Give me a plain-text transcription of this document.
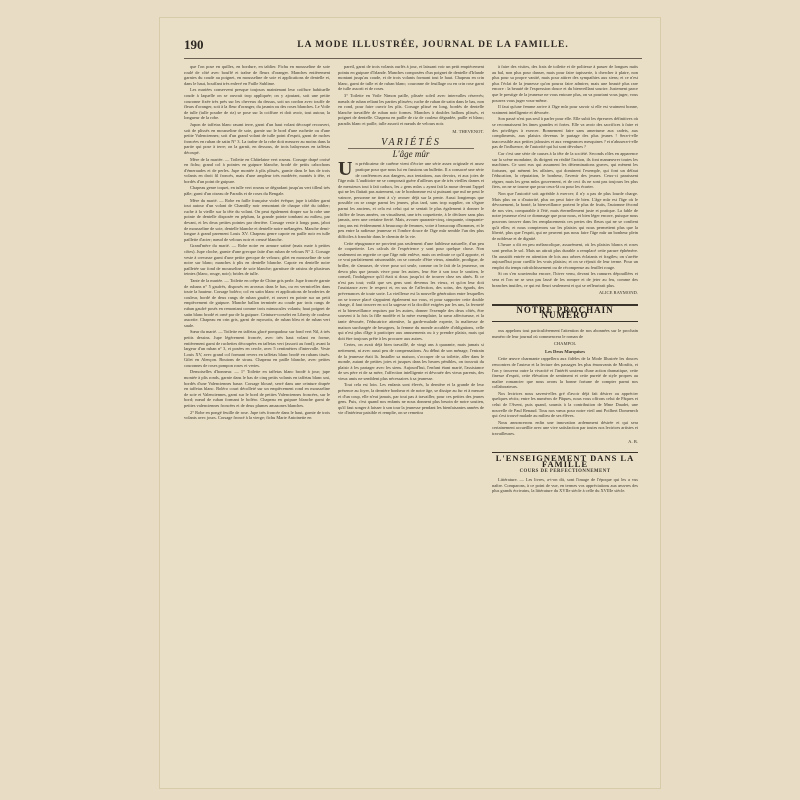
190	LA MODE ILLUSTRÉE, JOURNAL DE LA FAMILLE.

que l'on pose en quilles, en bordure, en tablier. Fichu en mousseline de soie roulé de côté avec bouffé et traîne de fleurs d'oranger. Manches entièrement garnies du coude au poignet, en mousseline de soie et applications de dentelle et, dans le haut, bouffant très enlevé en Faille Sublime.

Les mariées conservent presque toujours maintenant leur coiffure habituelle coude à laquelle on se ouvrait trop appliquée; on y ajoutant, soit une petite couronne fixée très près sur les cheveux du dessus, soit un cordon avec touffe de fleurs d'oranger, soit à la fleur d'oranger, du jasmin ou des roses blanches. Le Voile de tulle (tulle poudre de riz) se pose sur la coiffure et doit avoir, tout autour, la longueur de la robe.

Jupon de taffetas blanc rasant terre, garni d'un haut volant découpé recouvert, soit de plissés en mousseline de soie, garnie sur le bord d'une ruchette ou d'une petite Valenciennes; soit d'un grand volant de tulle point d'esprit, garni de ruches froncées en ruban de satin N° 3. La traîne de la robe doit mesurer au moins dans la partie qui pose à terre; on la garnit, en dessous, de trois balayeuses en taffetas découpé.

Mère de la mariée. — Toilette en Châtelaine vert roseau. Corsage drapé croisé en fichu; grand col à pointes en guipure blanche, brodé de petits cabochons d'émeraudes et de perles. Jupe montée à plis plissés, garnie dans le bas de trois volants en droit fil froncés, mais d'une ampleur très modérée, montés à tête, et bordés d'un point de guipure.

Chapeau genre toquet, en tulle vert roseau se dégradant jusqu'au vert tilleul très pâle; garni d'un oiseau de Paradis et de roses du Bengale.

Mère du marié. — Robe en faille française violet évêque; jupe à tablier garni tout autour d'un volant de Chantilly noir remontant de chaque côté du tablier; ruche à la vieille sur la tête du volant. On peut également draper sur la robe une pointe de dentelle disposée en péplum, la grande pointe tombant au milieu, par devant, et les deux petites pointes par derrière. Corsage veste à longs pans, jabot de mousseline de soie, dentelle blanche et dentelle noire mélangées. Manche demi-longue à grand parement Louis XV. Chapeau genre capote en paille noir en tulle paillette d'acier; nœud de velours noir et creusé blanche.

Grand'mère du marié. — Robe noire en armure satiné (mais mate à petites côtes). Jupe cloche, garnie d'une grecque faite d'un ruban de velours N° 2. Corsage veste à crevasse garni d'une petite grecque de velours; gilet en mousseline de soie noire sur blanc; manches à plis en dentelle blanche. Capote en dentelle noire pailletée sur fond de mousseline de soie blanche; garniture de raisins de plusieurs teintes (blanc, rouge, noir); brides de tulle.

Tante de la mariée. — Toilette en crêpe de Chine gris perle. Jupe froncée garnie de rubans n° 5 gaufrés, disposés en arceaux dans le bas, ou en vermicelles dans toute la hauteur. Corsage boléro; col en satin blanc et applications de broderies de couleur, bordé de deux rangs de ruban gaufré, et ouvert en pointe sur un petit empiècement de guipure. Manche ballon terminée au coude par trois rangs de ruban gaufré posés en remontant comme trois minuscules volants; haut poignet de satin blanc brodé et orné par de la guipure. Ceinture-corselet en Liberty de couleur assortie. Chapeau en crin gris, garni de myosotis, de ruban bleu et de ruban vert saule.

Sœur du marié. — Toilette en taffetas glacé pompadour sur fond vert Nil, à très petits dessins. Jupe légèrement froncée, avec très haut volant en forme, entièrement garni de ruchettes découpées en taffetas vert (assorti au fond); avant la largeur d'un ruban n° 3, et posées en cercle, avec 5 centimètres d'intervalle. Veste Louis XV, avec grand col formant revers en taffetas blanc brodé en rubans tissés. Gilet en Alençon. Boutons de strass. Chapeau en paille blanche, avec petites couronnes de roses pompon roses et vertes.

Demoiselles d'honneur. — 1° Toilette en taffetas blanc brodé à jour; jupe montée à plis ronds, garnie dans le bas de cinq petits volants en taffetas blanc uni, bordés d'une Valenciennes basse. Corsage blousé, serré dans une ceinture drapée en taffetas blanc. Boléro court décolleté sur un empiècement rond en mousseline de soie et Valenciennes, garni sur le bord de petites Valenciennes froncées, sur le bord; nœud de ruban formant le boléro. Chapeau en guipure blanche garni de petites valenciennes froncées et de deux plumes amazones blanches.

2° Robe en pongé feuille de rose. Jupe très froncée dans le haut, garnie de trois volants avec jours. Corsage froncé à la vierge; fichu Marie Antoinette en

pareil, garni de trois volants ourlés à jour, et laissant voir un petit empiècement pointu en guipure d'Irlande. Manches composées d'un poignet de dentelle d'Irlande montant jusqu'au coude, et de trois volants formant tout le haut. Chapeau en crin blanc, garni de tulle et de ruban blanc; couronne de feuillage ou en crin rose garni de tulle assorti et de roses.

3° Toilette en Voile Nimon paille, plissée soleil avec intervalles réservés; nœuds de ruban reliant les parties plissées; ruche de ruban de satin dans le bas, non en rond, pour faire ouvrir les plis. Corsage plissé en long, bordés de dentelle blanche travaillée de ruban noir formes. Manches à doubles ballons plissés, et poignet de dentelle. Chapeau en paille de riz de couleur dégradée, paille et blanc; paradis blanc et paille, tulle assorti et nœuds de velours noir.

M. THEVENOT.
VARIÉTÉS
L'âge mûr

Un prédicateur de carême vient d'écrire une série assez originale et assez pratique pour que nous lui en fassions un bulletin. Il a consacré une série de conférences aux dangers, aux tentations, aux devoirs, et aux joies de l'âge mûr. L'auditoire ne se composait guère d'ailleurs que de très vieilles dames et de messieurs tout à fait caducs, les « gens mûrs » ayant fait la moue devant l'appel qui ne les flattait pas autrement, car le bonhomme est si puissant que nul ne peut le vaincre, personne ne tient à s'y avouer déjà sur la pente. Aussi longtemps que possible on se range parmi les jeunes, plus tard, sans trop supplier, on s'égare parmi les anciens, et cela est celui qui se sentait le plus également à donner le chiffre de leurs années, on visualisent, une très coquetterie, à le déclarer sans plus jamais, avec une certaine fierté. Mais, avouer quarante-cinq, cinquante, cinquante-cinq ans est évidemment à beaucoup de femmes, voire à beaucoup d'hommes, et le peu entre la radieuse jeunesse et l'ombre douce de l'âge mûr semble l'un des plus difficiles à franchir dans le chemin de la vie.

Cette répugnance ne provient pas seulement d'une faiblesse naturelle, d'un peu de coquetterie. Les calculs de l'expérience y sont pour quelque chose. Non seulement on regrette ce que l'âge mûr enlève, mais on redoute ce qu'il apporte, et ce vrai parfaitement raisonnable, on se console d'être vieux, aimable, prodigue, de briller, de s'amuser, de vivre pour soi seule, comme on le fait de la jeunesse, on devra plus que jamais vivre pour les autres, leur être à son tour le soutien, le conseil, l'indulgence qu'il était si doux jusqu'ici de trouver chez ses aînés. Et ce n'est pas tout; voilà que ses gens sont devenus les vieux, et qu'on leur doit l'assistance avec le respect et, en sus de l'affection, des soins, des égards, des prévenances de toute sorte. La vieillesse est la nouvelle génération entre lesquelles on se trouve placé s'appuient également sur vous, et pour supporter cette double charge, il faut trouver en soi la sagesse et la docilité exigées par les uns, la fermeté et la bienveillance requises par les autres, donner l'exemple des deux côtés, être souvent à la fois la fille modèle et la mère exemplaire, la sœur affectueuse, et la tante dévouée, l'éducatrice attentive, la garde-malade experte, la maîtresse de maison surchargée de besognes, la femme du monde accablée d'obligations, celle qui n'est plus d'âge à participer aux amusements ou à y prendre plaisir, mais qui doit être toujours prête à les procurer aux autres.

Certes, on avait déjà bien travaillé, de vingt ans à quarante, mais jamais si nettement, ni avec aussi peu de compensations. Au début de son ménage, l'entrain de la jeunesse était là. Installer sa maison, s'occuper de sa toilette, aller dans le monde, autant de petites joies et jusques dans les heures pénibles, on trouvait du plaisir à les partager avec les siens. Aujourd'hui, l'enfant étant marié, l'assistance de ses père et de sa mère, l'affection intelligente et dévouée des vieux parents, des vieux amis ne semblent plus nécessaires à sa jeunesse.

Tout cela est loin. Les enfants sont élevés, la dernière et la grande de leur présence au foyer, la dernière bonheur et de notre âge, se dissipe au fur et à mesure et d'un coup, elle n'eut jamais, par tout pas à travailler, pour ces petites des jeunes gens. Puis, c'est quand nos enfants ne nous donnent plus besoin de notre soutien, qu'il faut songer à laisser à son tour la jeunesse pendant les bienfaisantes années de vie d'intérieur paisible et remplie, on se remettra

à faire des visites, des frais de toilette et de politesse à passer de longues nuits au bal, non plus pour danser, mais pour faire tapisserie, à chercher à plaire, non plus pour sa propre vanité, mais pour attirer des sympathies aux siens; et ce n'est plus l'éclat de la jeunesse qu'on pourra faire admirer, mais une beauté plus rare encore : la beauté de l'expression douce et du bienveillant sourire. Justement parce que le prestige de la jeunesse ne vous entoure plus, on va pourtant vous juger, vous pourrez vous juger vous-même.

Il faut qu'une femme arrive à l'âge mûr pour savoir si elle est vraiment bonne, vraiment intelligente et dévouée.

Son passé n'est pas seul à parler pour elle. Elle subit les épreuves définitives où se reconnaissent les âmes grandes et fortes. Elle va avoir des sacrifices à faire et des privilèges à exercer. Bonnement faire sans amertume aux cadets, aux compliments, aux plaisirs devenus le partage des plus jeunes ! Sera-t-elle inaccessible aux petites jalousies et aux vengeances mesquines ? et n'abusera-t-elle pas de l'influence, de l'autorité qui lui sont dévolues ?

Car c'est une série de causes à la tête de la société. Seconds rôles en apparence sur la scène mondaine, ils dirigent en réalité l'action, ils font manœuvrer toutes les machines. Ce sont eux qui assument les déterminations graves, qui mènent les fortunes, qui mènent les affaires, qui dominent l'exemple, qui font un défaut l'éducation, la réputation, le bonheur, l'avenir des jeunes. Ceux-ci paraissent régner, mais les gens mûrs gouvernent, et de ceci ils ne sont pas toujours les plus fiers, on ne se tourne que pour ceux-là ou pour les écarter.

Non que l'autorité soit agréable à exercer; il n'y a pas de plus lourde charge. Mais plus on a d'autorité, plus on peut faire de bien. L'âge mûr est l'âge où le dévouement, la bonté, la bienveillance portent le plus de fruits, l'automne fécond de nos vies, comparable à l'été, mais éternellement juste et pratique. La fable de notre jeunesse n'est ce dommage que pour nous, et bien léger encore, puisque nous pouvons trouver dans les remplacements ces pertes des fleurs qui ne se confient qu'à elles; et nous compterons sur les plaisirs qui nous permettent plus que la liberté, plus que l'esprit, qui ne peuvent pas nous faire l'âge mûr un bonheur plein de noblesse et de dignité.

L'heure a dit en peu mélancolique, assurément, où les plaisirs blancs et roses sont perdus le sol. Mais un attrait plus durable a remplacé cette parure éphémère. On aussitôt entrée en attention de lois aux arbres éclatants et fragiles; on s'arrête aujourd'hui pour cueillir les vrais plaisirs; et on se réjouit de leur terme. Pour un emploi du temps rafraîchissement ou de récompense au feuillet rouge.

Si on s'en souviendra encore, l'hiver venu, devant les ramures dépouillées et sera et l'on ne se sera pas lassé de les rompre et de jeter au feu, comme des branches inutiles, ce qui est fleuri seulement et qui se refleurirait plus.

ALICE RAYMOND.
NOTRE PROCHAIN NUMÉRO

ous appelons tout particulièrement l'attention de nos abonnées sur le prochain numéro de leur journal où commencera le roman de

CHAMPOL
Les Deux Marquises

Cette œuvre charmante rappellera aux fidèles de la Mode Illustrée les douces rencontres de l'auteur et la lecture des passages les plus émouvants de Monfits, et l'on y trouvera outre la vivacité et l'intérêt soutenu d'une action dramatique, cette finesse d'esprit, cette élévation de sentiment et cette pureté de style propres au maître romancier que nous avons la bonne fortune de compter parmi nos collaborateurs.

Nos lectrices nous savent-elles gré d'avoir déjà fait désirer ou apprécier quelques récits; entre les numéros de Pâques, nous vous offrons celui de Pâques et celui de l'Avent, puis quand, soumis à la contribution de Mme Daudet, une nouvelle de Paul Renaud. Tous nos vœux pour notre vieil ami Poilbert Domenech qui s'est trouvé malade au milieu de ses élèves.

Nous annoncerons enfin une innovation ardemment désirée et qui sera certainement accueillie avec une vive satisfaction par toutes nos lectrices artistes et travailleuses.

A. B.
L'ENSEIGNEMENT DANS LA FAMILLE
COURS DE PERFECTIONNEMENT

Littérature. — Les livres, a-t-on dit, sont l'image de l'époque qui les a vus naître. Comparons, à ce point de vue, en termes vos appréciations aux œuvres des plus grands écrivains, la littérature du XVIIe siècle à celle du XVIIIe siècle.
